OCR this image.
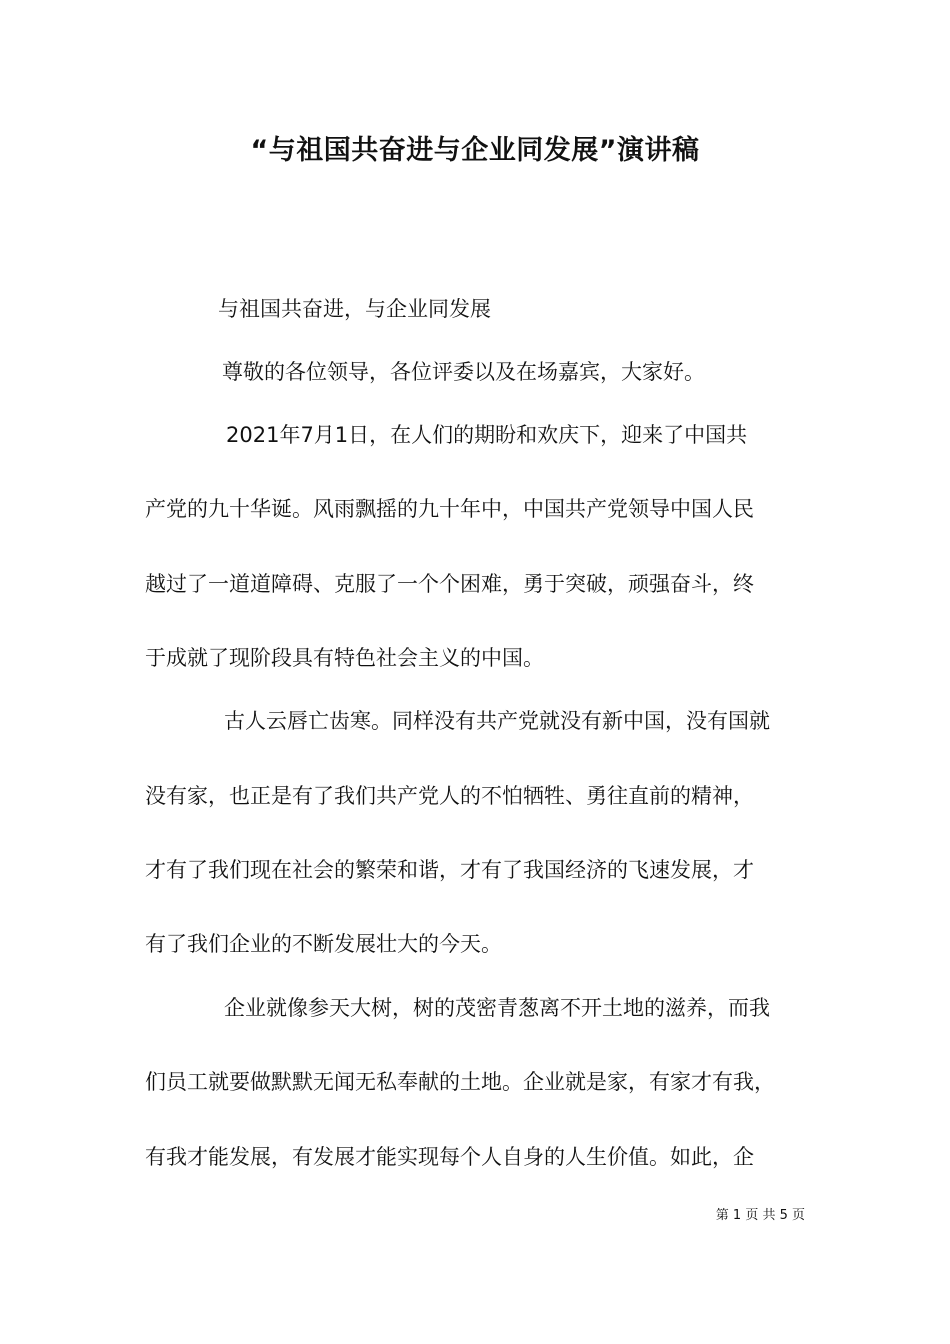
“与祖国共奋进与企业同发展”演讲稿
与祖国共奋进，与企业同发展
尊敬的各位领导，各位评委以及在场嘉宾，大家好。
2021年7月1日，在人们的期盼和欢庆下，迎来了中国共
产党的九十华诞。风雨飘摇的九十年中，中国共产党领导中国人民
越过了一道道障碍、克服了一个个困难，勇于突破，顽强奋斗，终
于成就了现阶段具有特色社会主义的中国。
古人云唇亡齿寒。同样没有共产党就没有新中国，没有国就
没有家，也正是有了我们共产党人的不怕牺牲、勇往直前的精神，
才有了我们现在社会的繁荣和谐，才有了我国经济的飞速发展，才
有了我们企业的不断发展壮大的今天。
企业就像参天大树，树的茂密青葱离不开土地的滋养，而我
们员工就要做默默无闻无私奉献的土地。企业就是家，有家才有我，
有我才能发展，有发展才能实现每个人自身的人生价值。如此，企
第 1 页 共 5 页
